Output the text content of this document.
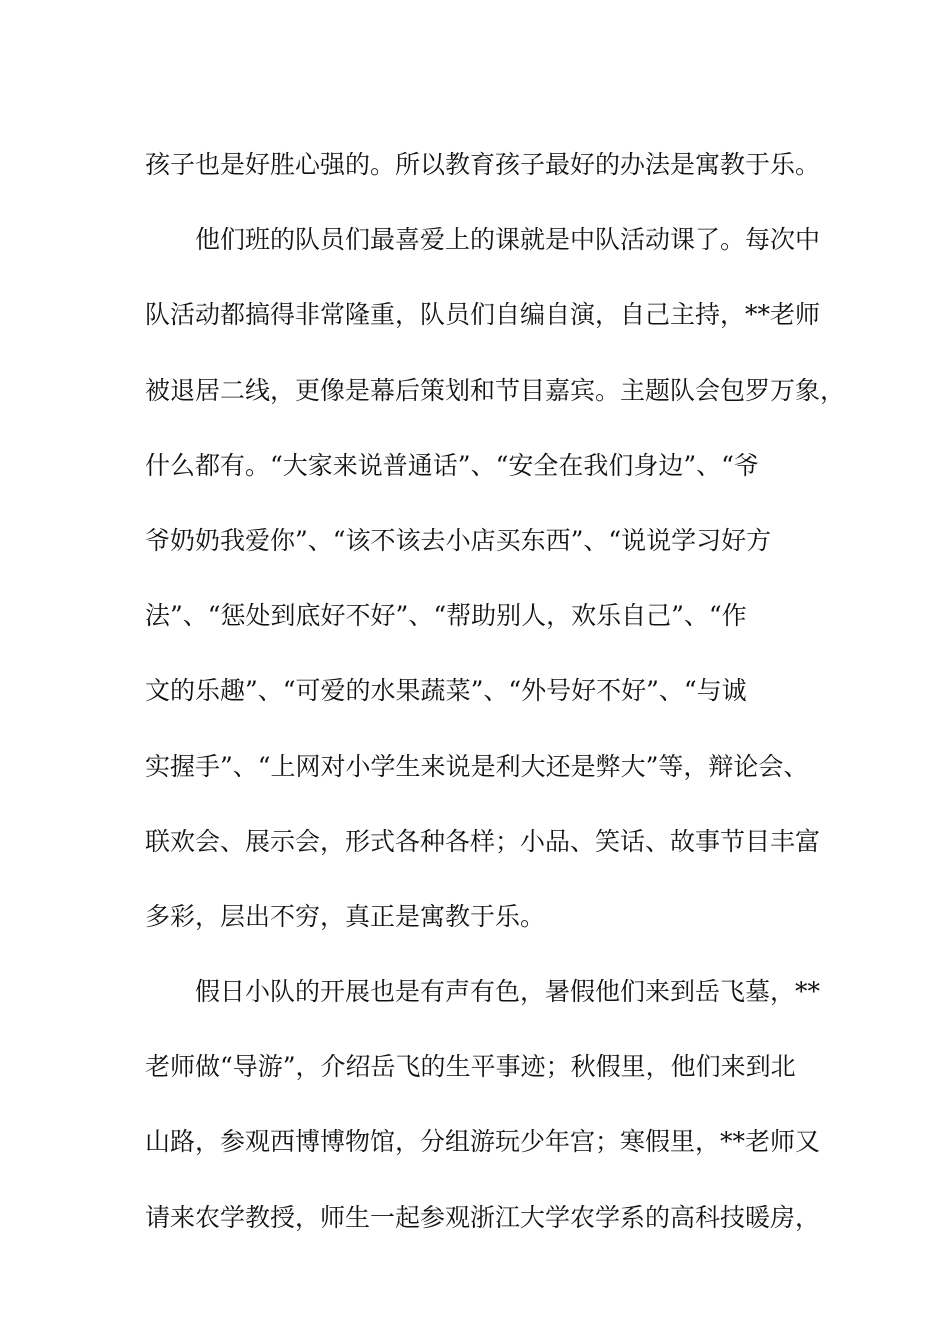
孩子也是好胜心强的。所以教育孩子最好的办法是寓教于乐。
　　他们班的队员们最喜爱上的课就是中队活动课了。每次中
队活动都搞得非常隆重，队员们自编自演，自己主持，**老师
被退居二线，更像是幕后策划和节目嘉宾。主题队会包罗万象，
什么都有。“大家来说普通话”、“安全在我们身边”、“爷
爷奶奶我爱你”、“该不该去小店买东西”、“说说学习好方
法”、“惩处到底好不好”、“帮助别人，欢乐自己”、“作
文的乐趣”、“可爱的水果蔬菜”、“外号好不好”、“与诚
实握手”、“上网对小学生来说是利大还是弊大”等，辩论会、
联欢会、展示会，形式各种各样；小品、笑话、故事节目丰富
多彩，层出不穷，真正是寓教于乐。
　　假日小队的开展也是有声有色，暑假他们来到岳飞墓，**
老师做“导游”，介绍岳飞的生平事迹；秋假里，他们来到北
山路，参观西博博物馆，分组游玩少年宫；寒假里，**老师又
请来农学教授，师生一起参观浙江大学农学系的高科技暖房，
